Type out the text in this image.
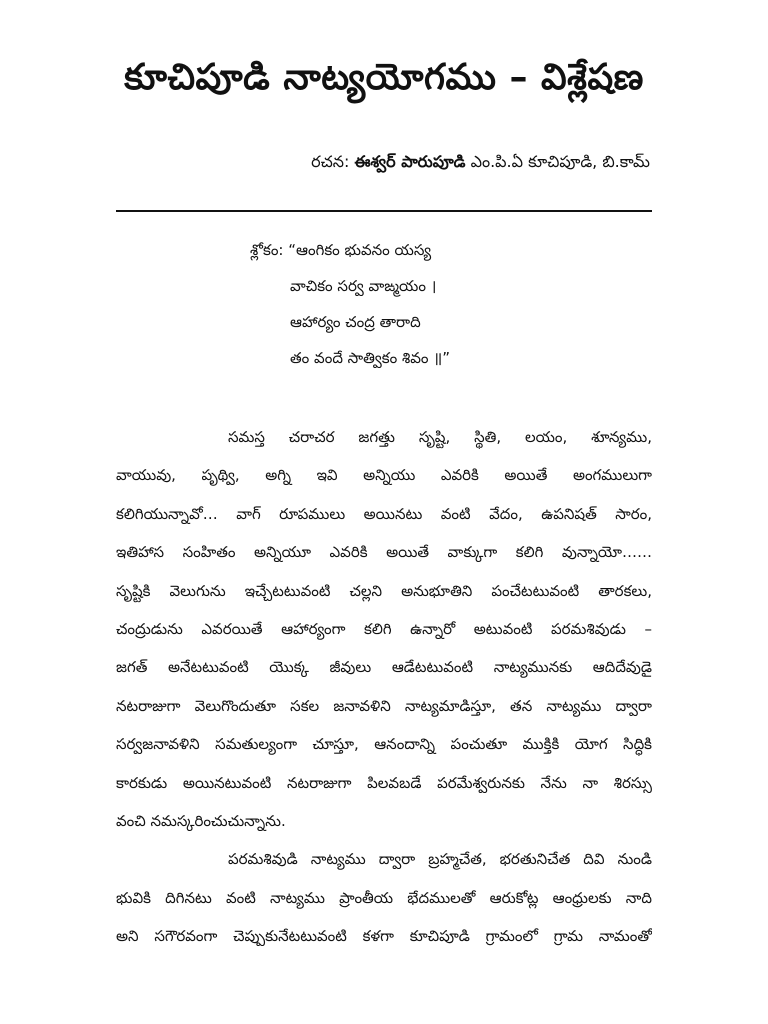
కూచిపూడి నాట్యయోగము – విశ్లేషణ
రచన: ఈశ్వర్ పారుపూడి ఎం.పి.ఏ కూచిపూడి, బి.కామ్
శ్లోకం: “ఆంగికం భువనం యస్య
వాచికం సర్వ వాఙ్మయం ।
ఆహార్యం చంద్ర తారాది
తం వందే సాత్వికం శివం ॥”
సమస్త చరాచర జగత్తు సృష్టి, స్థితి, లయం, శూన్యము,
వాయువు, పృథ్వి, అగ్ని ఇవి అన్నియు ఎవరికి అయితే అంగములుగా
కలిగియున్నావో… వాగ్ రూపములు అయినటు వంటి వేదం, ఉపనిషత్ సారం,
ఇతిహాస సంహితం అన్నియూ ఎవరికి అయితే వాక్కుగా కలిగి వున్నాయో……
సృష్టికి వెలుగును ఇచ్చేటటువంటి చల్లని అనుభూతిని పంచేటటువంటి తారకలు,
చంద్రుడును ఎవరయితే ఆహార్యంగా కలిగి ఉన్నారో అటువంటి పరమశివుడు –
జగత్ అనేటటువంటి యొక్క జీవులు ఆడేటటువంటి నాట్యమునకు ఆదిదేవుడై
నటరాజుగా వెలుగొందుతూ సకల జనావళిని నాట్యమాడిస్తూ, తన నాట్యము ద్వారా
సర్వజనావళిని సమతుల్యంగా చూస్తూ, ఆనందాన్ని పంచుతూ ముక్తికి యోగ సిద్ధికి
కారకుడు అయినటువంటి నటరాజుగా పిలవబడే పరమేశ్వరునకు నేను నా శిరస్సు
వంచి నమస్కరించుచున్నాను.
పరమశివుడి నాట్యము ద్వారా బ్రహ్మచేత, భరతునిచేత దివి నుండి
భువికి దిగినటు వంటి నాట్యము ప్రాంతీయ భేదములతో ఆరుకోట్ల ఆంధ్రులకు నాది
అని సగౌరవంగా చెప్పుకునేటటువంటి కళగా కూచిపూడి గ్రామంలో గ్రామ నామంతో
